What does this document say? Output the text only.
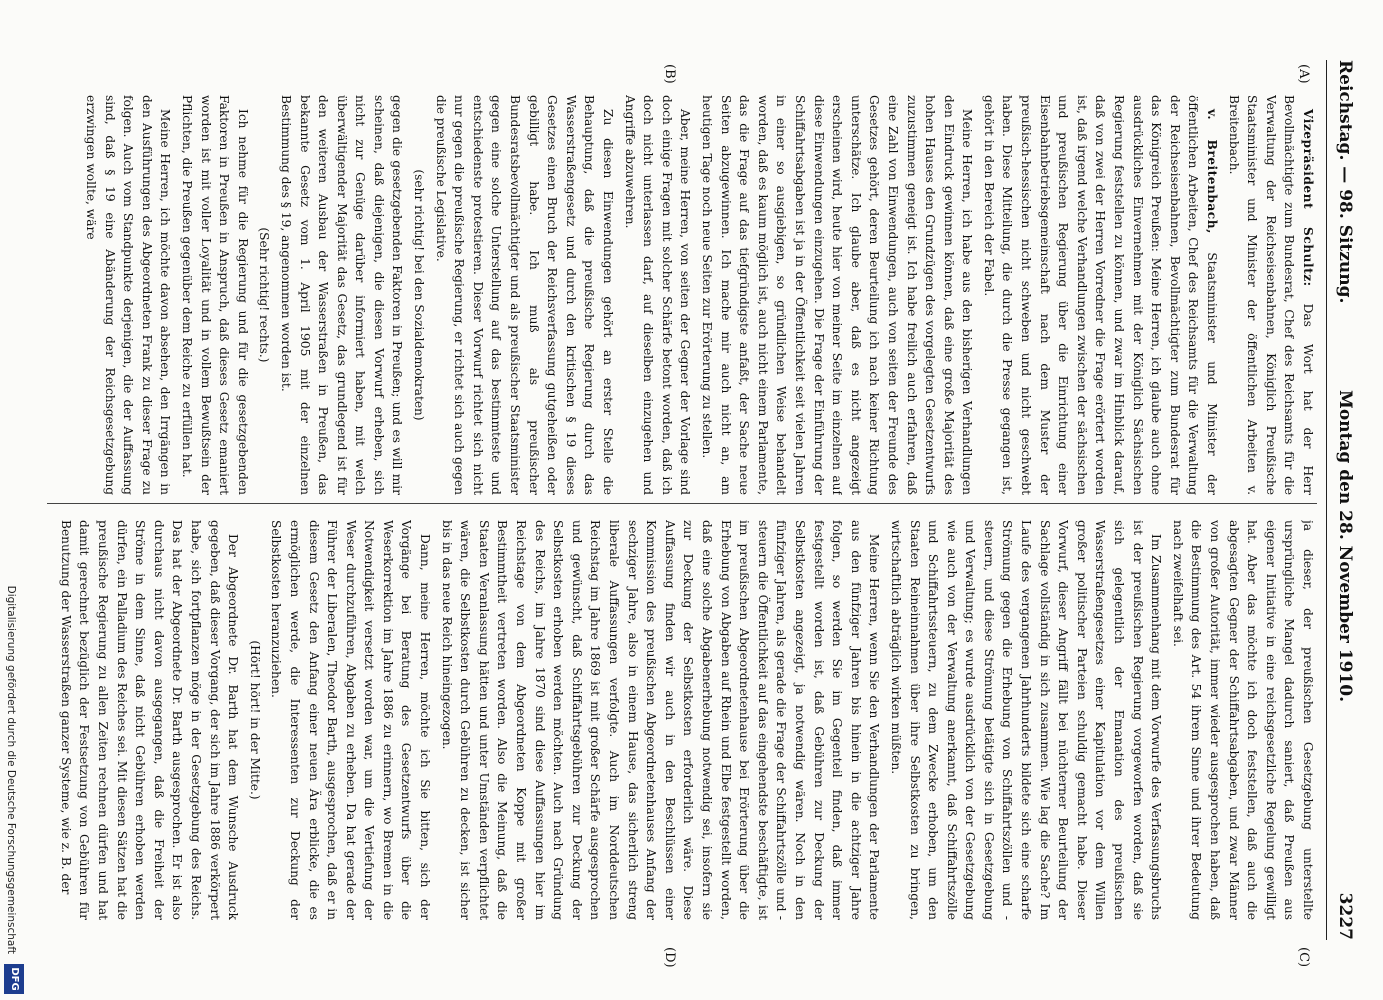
Reichstag. — 98. Sitzung.
Montag den 28. November 1910.
3227
(A)
(B)
(C)
(D)

Vizepräsident Schultz: Das Wort hat der Herr Bevollmächtigte zum Bundesrat, Chef des Reichsamts für die Verwaltung der Reichseisenbahnen, Königlich Preußische Staatsminister und Minister der öffentlichen Arbeiten v. Breitenbach.

v. Breitenbach, Staatsminister und Minister der öffentlichen Arbeiten, Chef des Reichsamts für die Verwaltung der Reichseisenbahnen, Bevollmächtigter zum Bundesrat für das Königreich Preußen: Meine Herren, ich glaube auch ohne ausdrückliches Einvernehmen mit der Königlich Sächsischen Regierung feststellen zu können, und zwar im Hinblick darauf, daß von zwei der Herren Vorredner die Frage erörtert worden ist, daß irgend welche Verhandlungen zwischen der sächsischen und preußischen Regierung über die Einrichtung einer Eisenbahnbetriebsgemeinschaft nach dem Muster der preußisch-hessischen nicht schweben und nicht geschwebt haben. Diese Mitteilung, die durch die Presse gegangen ist, gehört in den Bereich der Fabel.

Meine Herren, ich habe aus den bisherigen Verhandlungen den Eindruck gewinnen können, daß eine große Majorität des hohen Hauses den Grundzügen des vorgelegten Gesetzentwurfs zuzustimmen geneigt ist. Ich habe freilich auch erfahren, daß eine Zahl von Einwendungen, auch von seiten der Freunde des Gesetzes gehört, deren Beurteilung ich nach keiner Richtung unterschätze. Ich glaube aber, daß es nicht angezeigt erscheinen wird, heute hier von meiner Seite im einzelnen auf diese Einwendungen einzugehen. Die Frage der Einführung der Schiffahrtsabgaben ist ja in der Öffentlichkeit seit vielen Jahren in einer so ausgiebigen, so gründlichen Weise behandelt worden, daß es kaum möglich ist, auch nicht einem Parlamente, das die Frage auf das tiefgründigste anfaßt, der Sache neue Seiten abzugewinnen. Ich mache mir auch nicht an, am heutigen Tage noch neue Seiten zur Erörterung zu stellen.

Aber, meine Herren, von seiten der Gegner der Vorlage sind doch einige Fragen mit solcher Schärfe betont worden, daß ich doch nicht unterlassen darf, auf dieselben einzugehen und Angriffe abzuwehren.

Zu diesen Einwendungen gehört an erster Stelle die Behauptung, daß die preußische Regierung durch das Wasserstraßengesetz und durch den kritischen § 19 dieses Gesetzes einen Bruch der Reichsverfassung gutgeheißen oder gebilligt habe. Ich muß als preußischer Bundesratsbevollmächtigter und als preußischer Staatsminister gegen eine solche Unterstellung auf das bestimmteste und entschiedenste protestieren. Dieser Vorwurf richtet sich nicht nur gegen die preußische Regierung, er richtet sich auch gegen die preußische Legislative.

(sehr richtig! bei den Sozialdemokraten)

gegen die gesetzgebenden Faktoren in Preußen; und es will mir scheinen, daß diejenigen, die diesen Vorwurf erheben, sich nicht zur Genüge darüber informiert haben, mit welch überwältigender Majorität das Gesetz, das grundlegend ist für den weiteren Ausbau der Wasserstraßen in Preußen, das bekannte Gesetz vom 1. April 1905 mit der einzelnen Bestimmung des § 19, angenommen worden ist.

(Sehr richtig! rechts.)

Ich nehme für die Regierung und für die gesetzgebenden Faktoren in Preußen in Anspruch, daß dieses Gesetz emaniert worden ist mit voller Loyalität und in vollem Bewußtsein der Pflichten, die Preußen gegenüber dem Reiche zu erfüllen hat.

Meine Herren, ich möchte davon absehen, den Irrgängen in den Ausführungen des Abgeordneten Frank zu dieser Frage zu folgen. Auch vom Standpunkte derjenigen, die der Auffassung sind, daß § 19 eine Abänderung der Reichsgesetzgebung erzwingen wollte, wäre

ja dieser, der preußischen Gesetzgebung unterstellte ursprüngliche Mangel dadurch saniert, daß Preußen aus eigener Initiative in eine reichsgesetzliche Regelung gewilligt hat. Aber das möchte ich doch feststellen, daß auch die abgesagten Gegner der Schiffahrtsabgaben, und zwar Männer von großer Autorität, immer wieder ausgesprochen haben, daß die Bestimmung des Art. 54 ihrem Sinne und ihrer Bedeutung nach zweifelhaft sei.

Im Zusammenhang mit dem Vorwurfe des Verfassungsbruchs ist der preußischen Regierung vorgeworfen worden, daß sie sich gelegentlich der Emanation des preußischen Wasserstraßengesetzes einer Kapitulation vor dem Willen großer politischer Parteien schuldig gemacht habe. Dieser Vorwurf, dieser Angriff fällt bei nüchterner Beurteilung der Sachlage vollständig in sich zusammen. Wie lag die Sache? Im Laufe des vergangenen Jahrhunderts bildete sich eine scharfe Strömung gegen die Erhebung von Schiffahrtszöllen und -steuern, und diese Strömung betätigte sich in Gesetzgebung und Verwaltung; es wurde ausdrücklich von der Gesetzgebung wie auch von der Verwaltung anerkannt, daß Schiffahrtszölle und Schiffahrtssteuern, zu dem Zwecke erhoben, um den Staaten Reineinnahmen über ihre Selbstkosten zu bringen, wirtschaftlich abträglich wirken müßten.

Meine Herren, wenn Sie den Verhandlungen der Parlamente aus den fünfziger Jahren bis hinein in die achtziger Jahre folgen, so werden Sie im Gegenteil finden, daß immer festgestellt worden ist, daß Gebühren zur Deckung der Selbstkosten angezeigt, ja notwendig wären. Noch in den fünfziger Jahren, als gerade die Frage der Schiffahrtszölle und -steuern die Öffentlichkeit auf das eingehendste beschäftigte, ist im preußischen Abgeordnetenhause bei Erörterung über die Erhebung von Abgaben auf Rhein und Elbe festgestellt worden, daß eine solche Abgabenerhebung notwendig sei, insofern sie zur Deckung der Selbstkosten erforderlich wäre. Diese Auffassung finden wir auch in den Beschlüssen einer Kommission des preußischen Abgeordnetenhauses Anfang der sechziger Jahre, also in einem Hause, das sicherlich streng liberale Auffassungen verfolgte. Auch im Norddeutschen Reichstag im Jahre 1869 ist mit großer Schärfe ausgesprochen und gewünscht, daß Schiffahrtsgebühren zur Deckung der Selbstkosten erhoben werden möchten. Auch nach Gründung des Reichs, im Jahre 1870 sind diese Auffassungen hier im Reichstage von dem Abgeordneten Koppe mit großer Bestimmtheit vertreten worden. Also die Meinung, daß die Staaten Veranlassung hätten und unter Umständen verpflichtet wären, die Selbstkosten durch Gebühren zu decken, ist sicher bis in das neue Reich hineingezogen.

Dann, meine Herren, möchte ich Sie bitten, sich der Vorgänge bei Beratung des Gesetzentwurfs über die Weserkorrektion im Jahre 1886 zu erinnern, wo Bremen in die Notwendigkeit versetzt worden war, um die Vertiefung der Weser durchzuführen, Abgaben zu erheben. Da hat gerade der Führer der Liberalen, Theodor Barth, ausgesprochen, daß er in diesem Gesetz den Anfang einer neuen Ära erblicke, die es ermöglichen werde, die Interessenten zur Deckung der Selbstkosten heranzuziehen.

(Hört! hört! in der Mitte.)

Der Abgeordnete Dr. Barth hat dem Wunsche Ausdruck gegeben, daß dieser Vorgang, der sich im Jahre 1886 verkörpert habe, sich fortpflanzen möge in der Gesetzgebung des Reichs. Das hat der Abgeordnete Dr. Barth ausgesprochen. Er ist also durchaus nicht davon ausgegangen, daß die Freiheit der Ströme in dem Sinne, daß nicht Gebühren erhoben werden dürfen, ein Palladium des Reiches sei. Mit diesen Sätzen hat die preußische Regierung zu allen Zeiten rechnen dürfen und hat damit gerechnet bezüglich der Festsetzung von Gebühren für Benutzung der Wasserstraßen ganzer Systeme, wie z. B. der

Digitalisierung gefördert durch die Deutsche Forschungsgemeinschaft
DFG
